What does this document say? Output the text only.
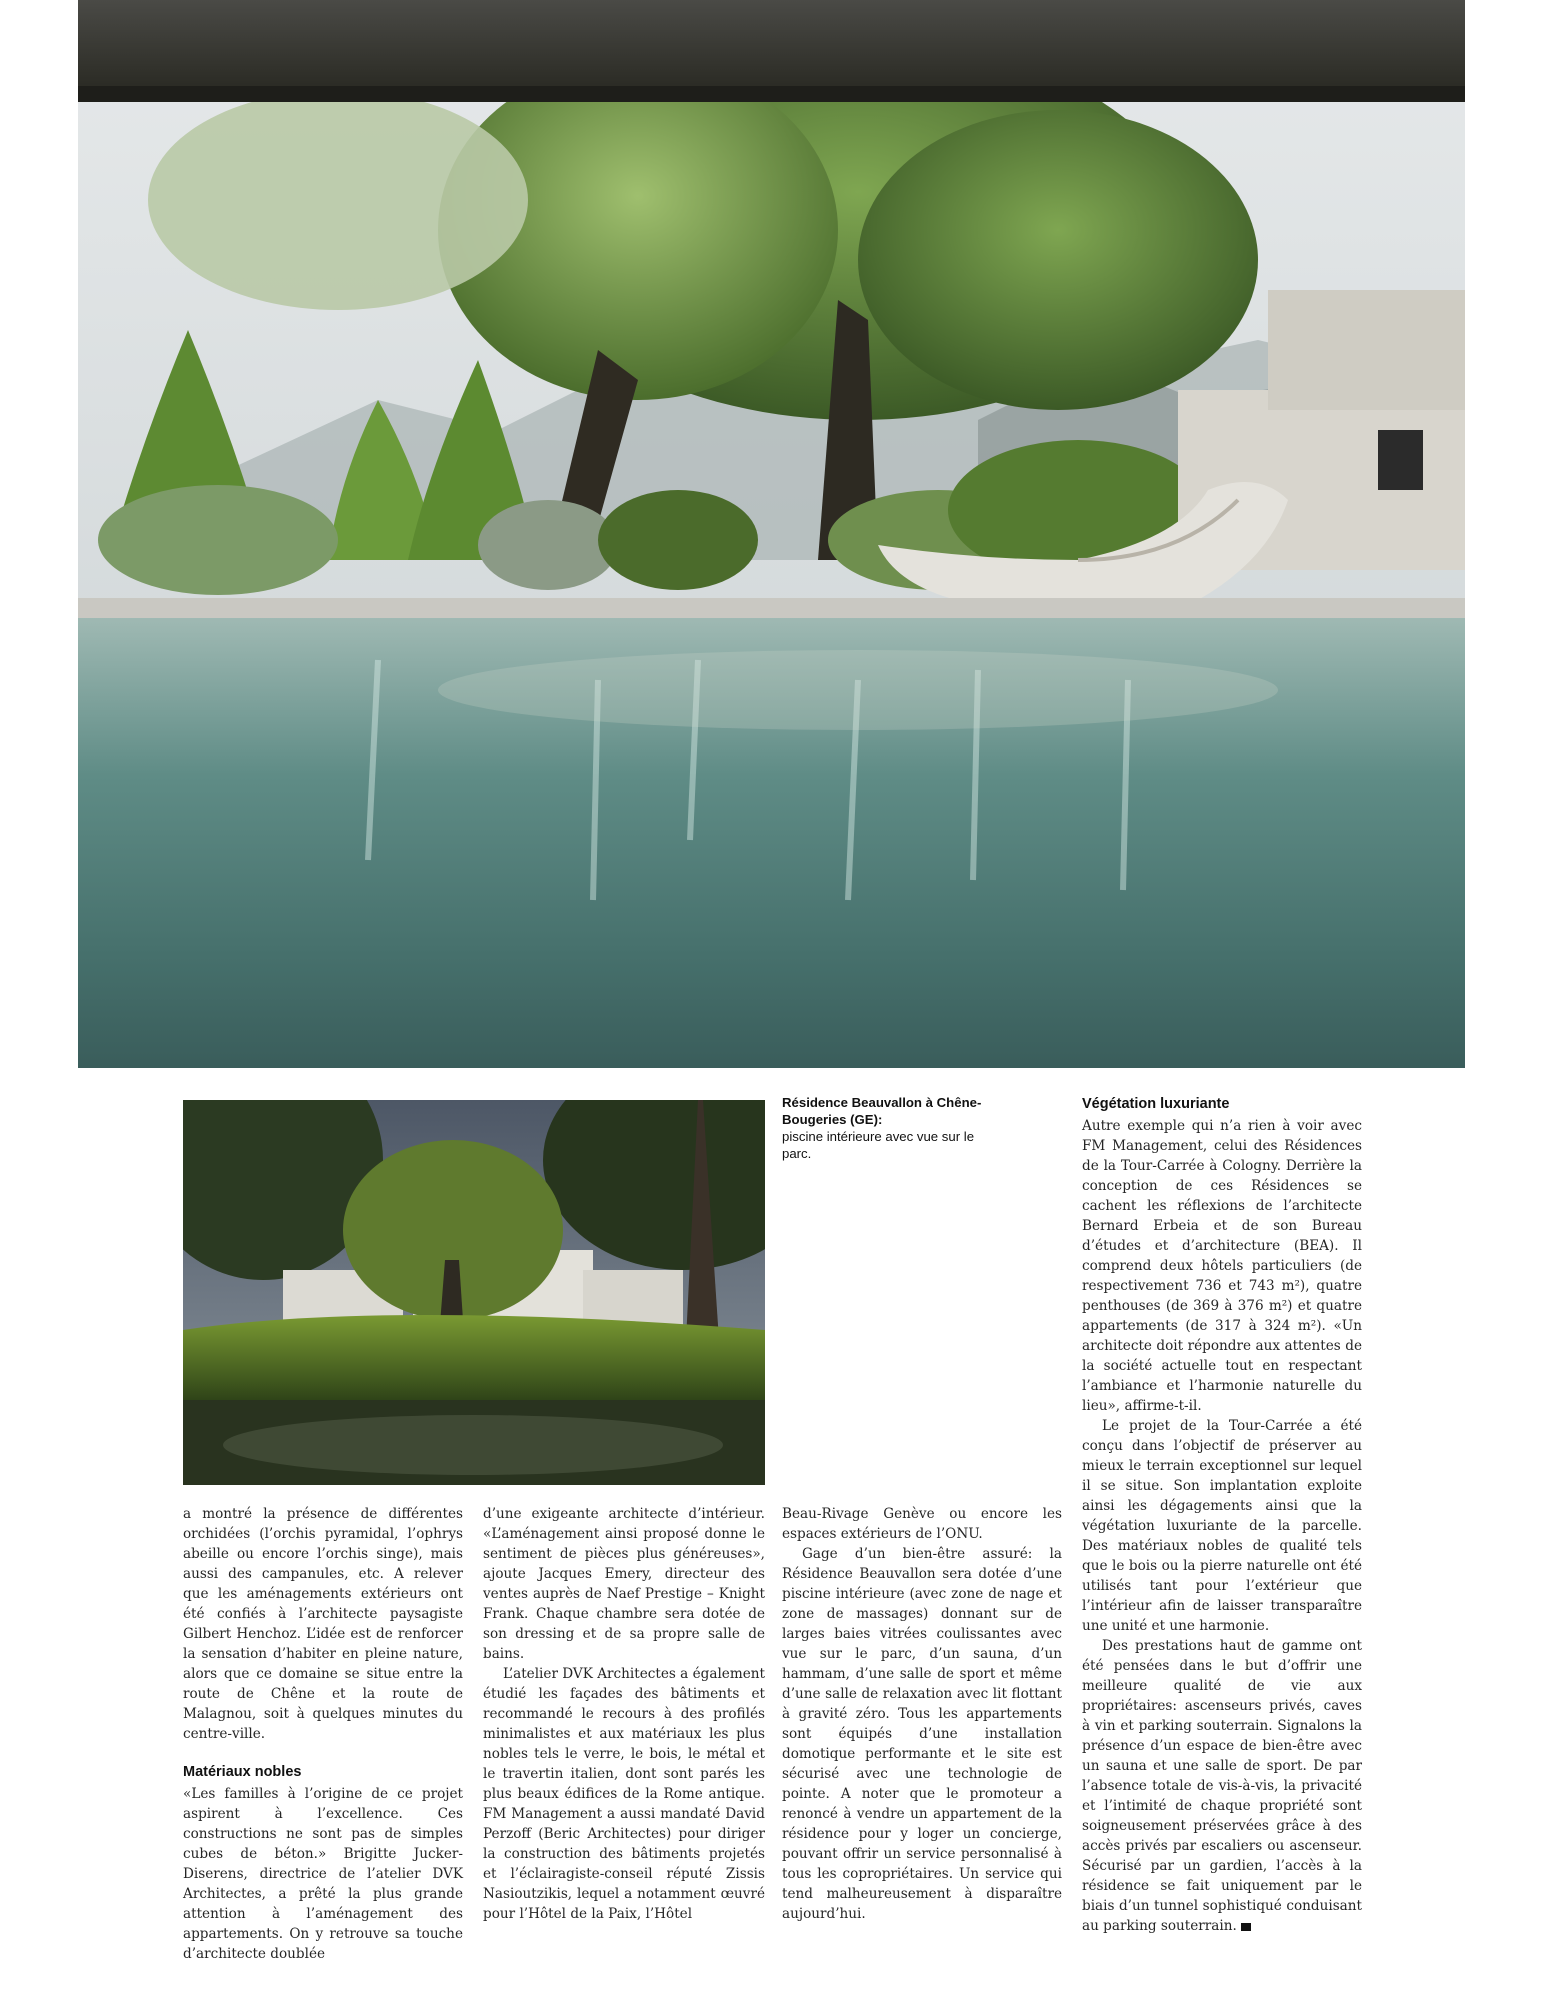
Résidence Beauvallon à Chêne-Bougeries (GE):
piscine intérieure avec vue sur le parc.

a montré la présence de différentes orchidées (l’orchis pyramidal, l’ophrys abeille ou encore l’orchis singe), mais aussi des campanules, etc. A relever que les aménagements extérieurs ont été confiés à l’architecte paysagiste Gilbert Henchoz. L’idée est de renforcer la sensation d’habiter en pleine nature, alors que ce domaine se situe entre la route de Chêne et la route de Malagnou, soit à quelques minutes du centre-ville.

Matériaux nobles

«Les familles à l’origine de ce projet aspirent à l’excellence. Ces constructions ne sont pas de simples cubes de béton.» Brigitte Jucker-Diserens, directrice de l’atelier DVK Architectes, a prêté la plus grande attention à l’aménagement des appartements. On y retrouve sa touche d’architecte doublée

d’une exigeante architecte d’intérieur. «L’aménagement ainsi proposé donne le sentiment de pièces plus généreuses», ajoute Jacques Emery, directeur des ventes auprès de Naef Prestige – Knight Frank. Chaque chambre sera dotée de son dressing et de sa propre salle de bains.

L’atelier DVK Architectes a également étudié les façades des bâtiments et recommandé le recours à des profilés minimalistes et aux matériaux les plus nobles tels le verre, le bois, le métal et le travertin italien, dont sont parés les plus beaux édifices de la Rome antique. FM Management a aussi mandaté David Perzoff (Beric Architectes) pour diriger la construction des bâtiments projetés et l’éclairagiste-conseil réputé Zissis Nasioutzikis, lequel a notamment œuvré pour l’Hôtel de la Paix, l’Hôtel

Beau-Rivage Genève ou encore les espaces extérieurs de l’ONU.

Gage d’un bien-être assuré: la Résidence Beauvallon sera dotée d’une piscine intérieure (avec zone de nage et zone de massages) donnant sur de larges baies vitrées coulissantes avec vue sur le parc, d’un sauna, d’un hammam, d’une salle de sport et même d’une salle de relaxation avec lit flottant à gravité zéro. Tous les appartements sont équipés d’une installation domotique performante et le site est sécurisé avec une technologie de pointe. A noter que le promoteur a renoncé à vendre un appartement de la résidence pour y loger un concierge, pouvant offrir un service personnalisé à tous les copropriétaires. Un service qui tend malheureusement à disparaître aujourd’hui.

Végétation luxuriante

Autre exemple qui n’a rien à voir avec FM Management, celui des Résidences de la Tour-Carrée à Cologny. Derrière la conception de ces Résidences se cachent les réflexions de l’architecte Bernard Erbeia et de son Bureau d’études et d’architecture (BEA). Il comprend deux hôtels particuliers (de respectivement 736 et 743 m²), quatre penthouses (de 369 à 376 m²) et quatre appartements (de 317 à 324 m²). «Un architecte doit répondre aux attentes de la société actuelle tout en respectant l’ambiance et l’harmonie naturelle du lieu», affirme-t-il.

Le projet de la Tour-Carrée a été conçu dans l’objectif de préserver au mieux le terrain exceptionnel sur lequel il se situe. Son implantation exploite ainsi les dégagements ainsi que la végétation luxuriante de la parcelle. Des matériaux nobles de qualité tels que le bois ou la pierre naturelle ont été utilisés tant pour l’extérieur que l’intérieur afin de laisser transparaître une unité et une harmonie.

Des prestations haut de gamme ont été pensées dans le but d’offrir une meilleure qualité de vie aux propriétaires: ascenseurs privés, caves à vin et parking souterrain. Signalons la présence d’un espace de bien-être avec un sauna et une salle de sport. De par l’absence totale de vis-à-vis, la privacité et l’intimité de chaque propriété sont soigneusement préservées grâce à des accès privés par escaliers ou ascenseur. Sécurisé par un gardien, l’accès à la résidence se fait uniquement par le biais d’un tunnel sophistiqué conduisant au parking souterrain.
